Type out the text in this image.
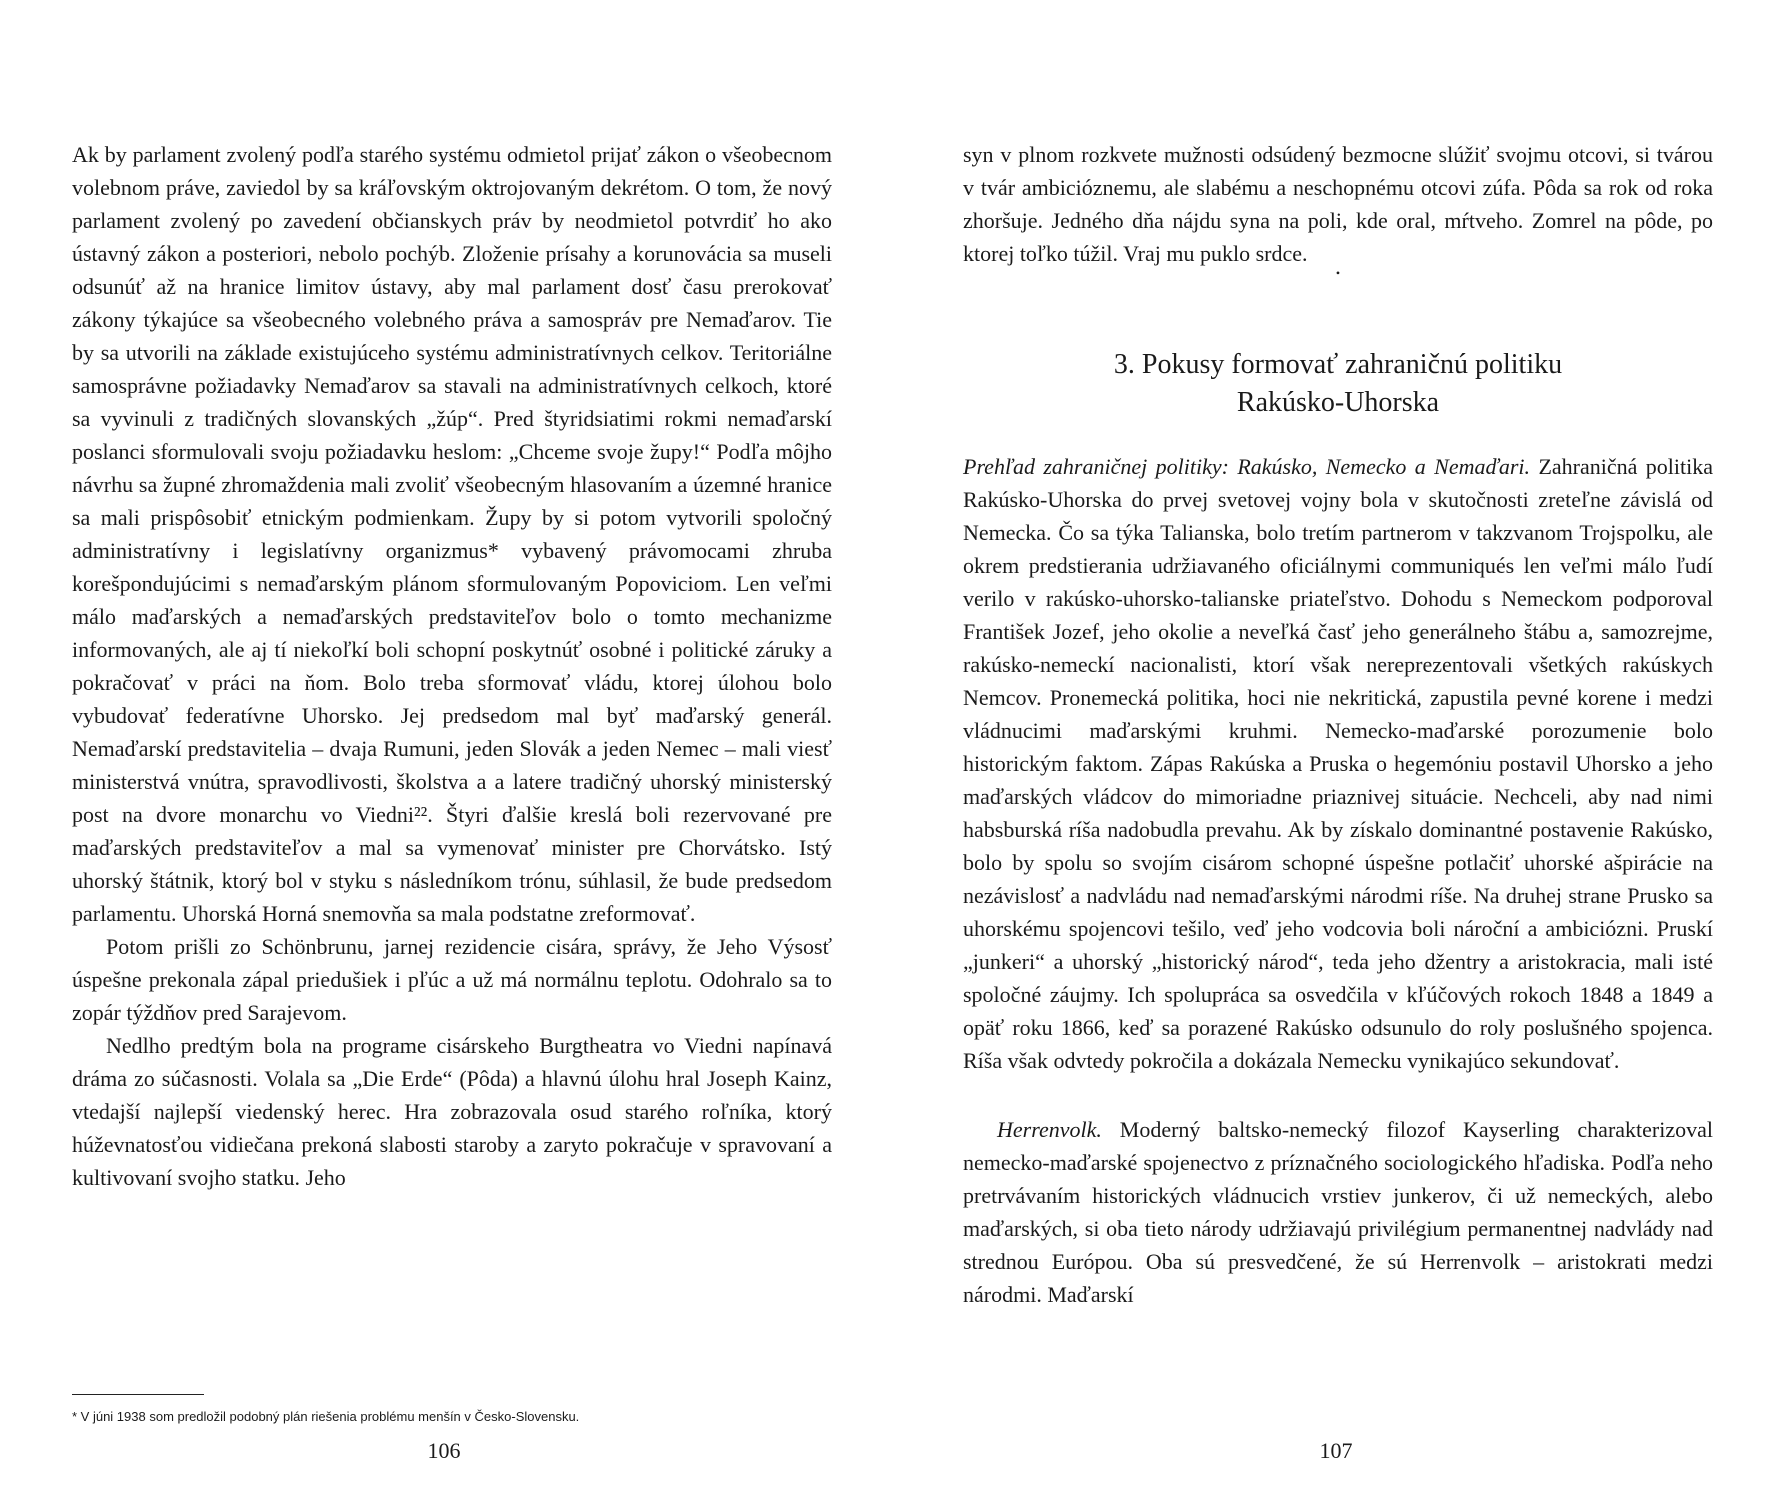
Ak by parlament zvolený podľa starého systému odmietol prijať zákon o všeobecnom volebnom práve, zaviedol by sa kráľovským oktrojovaným dekrétom. O tom, že nový parlament zvolený po zavedení občianskych práv by neodmietol potvrdiť ho ako ústavný zákon a posteriori, nebolo pochýb. Zloženie prísahy a korunovácia sa museli odsunúť až na hranice limitov ústavy, aby mal parlament dosť času prerokovať zákony týkajúce sa všeobecného volebného práva a samospráv pre Nemaďarov. Tie by sa utvorili na základe existujúceho systému administratívnych celkov. Teritoriálne samosprávne požiadavky Nemaďarov sa stavali na administratívnych celkoch, ktoré sa vyvinuli z tradičných slovanských „žúp“. Pred štyridsiatimi rokmi nemaďarskí poslanci sformulovali svoju požiadavku heslom: „Chceme svoje župy!“ Podľa môjho návrhu sa župné zhromaždenia mali zvoliť všeobecným hlasovaním a územné hranice sa mali prispôsobiť etnickým podmienkam. Župy by si potom vytvorili spoločný administratívny i legislatívny organizmus* vybavený právomocami zhruba korešpondujúcimi s nemaďarským plánom sformulovaným Popoviciom. Len veľmi málo maďarských a nemaďarských predstaviteľov bolo o tomto mechanizme informovaných, ale aj tí niekoľkí boli schopní poskytnúť osobné i politické záruky a pokračovať v práci na ňom. Bolo treba sformovať vládu, ktorej úlohou bolo vybudovať federatívne Uhorsko. Jej predsedom mal byť maďarský generál. Nemaďarskí predstavitelia – dvaja Rumuni, jeden Slovák a jeden Nemec – mali viesť ministerstvá vnútra, spravodlivosti, školstva a a latere tradičný uhorský ministerský post na dvore monarchu vo Viedni²². Štyri ďalšie kreslá boli rezervované pre maďarských predstaviteľov a mal sa vymenovať minister pre Chorvátsko. Istý uhorský štátnik, ktorý bol v styku s následníkom trónu, súhlasil, že bude predsedom parlamentu. Uhorská Horná snemovňa sa mala podstatne zreformovať.

Potom prišli zo Schönbrunu, jarnej rezidencie cisára, správy, že Jeho Výsosť úspešne prekonala zápal priedušiek i pľúc a už má normálnu teplotu. Odohralo sa to zopár týždňov pred Sarajevom.

Nedlho predtým bola na programe cisárskeho Burgtheatra vo Viedni napínavá dráma zo súčasnosti. Volala sa „Die Erde“ (Pôda) a hlavnú úlohu hral Joseph Kainz, vtedajší najlepší viedenský herec. Hra zobrazovala osud starého roľníka, ktorý húževnatosťou vidiečana prekoná slabosti staroby a zaryto pokračuje v spravovaní a kultivovaní svojho statku. Jeho

* V júni 1938 som predložil podobný plán riešenia problému menšín v Česko-Slovensku.
106

syn v plnom rozkvete mužnosti odsúdený bezmocne slúžiť svojmu otcovi, si tvárou v tvár ambicióznemu, ale slabému a neschopnému otcovi zúfa. Pôda sa rok od roka zhoršuje. Jedného dňa nájdu syna na poli, kde oral, mŕtveho. Zomrel na pôde, po ktorej toľko túžil. Vraj mu puklo srdce.

•
3. Pokusy formovať zahraničnú politiku
Rakúsko-Uhorska

Prehľad zahraničnej politiky: Rakúsko, Nemecko a Nemaďari. Zahraničná politika Rakúsko-Uhorska do prvej svetovej vojny bola v skutočnosti zreteľne závislá od Nemecka. Čo sa týka Talianska, bolo tretím partnerom v takzvanom Trojspolku, ale okrem predstierania udržiavaného oficiálnymi communiqués len veľmi málo ľudí verilo v rakúsko-uhorsko-talianske priateľstvo. Dohodu s Nemeckom podporoval František Jozef, jeho okolie a neveľká časť jeho generálneho štábu a, samozrejme, rakúsko-nemeckí nacionalisti, ktorí však nereprezentovali všetkých rakúskych Nemcov. Pronemecká politika, hoci nie nekritická, zapustila pevné korene i medzi vládnucimi maďarskými kruhmi. Nemecko-maďarské porozumenie bolo historickým faktom. Zápas Rakúska a Pruska o hegemóniu postavil Uhorsko a jeho maďarských vládcov do mimoriadne priaznivej situácie. Nechceli, aby nad nimi habsburská ríša nadobudla prevahu. Ak by získalo dominantné postavenie Rakúsko, bolo by spolu so svojím cisárom schopné úspešne potlačiť uhorské ašpirácie na nezávislosť a nadvládu nad nemaďarskými národmi ríše. Na druhej strane Prusko sa uhorskému spojencovi tešilo, veď jeho vodcovia boli nároční a ambiciózni. Pruskí „junkeri“ a uhorský „historický národ“, teda jeho džentry a aristokracia, mali isté spoločné záujmy. Ich spolupráca sa osvedčila v kľúčových rokoch 1848 a 1849 a opäť roku 1866, keď sa porazené Rakúsko odsunulo do roly poslušného spojenca. Ríša však odvtedy pokročila a dokázala Nemecku vynikajúco sekundovať.

Herrenvolk. Moderný baltsko-nemecký filozof Kayserling charakterizoval nemecko-maďarské spojenectvo z príznačného sociologického hľadiska. Podľa neho pretrvávaním historických vládnucich vrstiev junkerov, či už nemeckých, alebo maďarských, si oba tieto národy udržiavajú privilégium permanentnej nadvlády nad strednou Európou. Oba sú presvedčené, že sú Herrenvolk – aristokrati medzi národmi. Maďarskí

107
